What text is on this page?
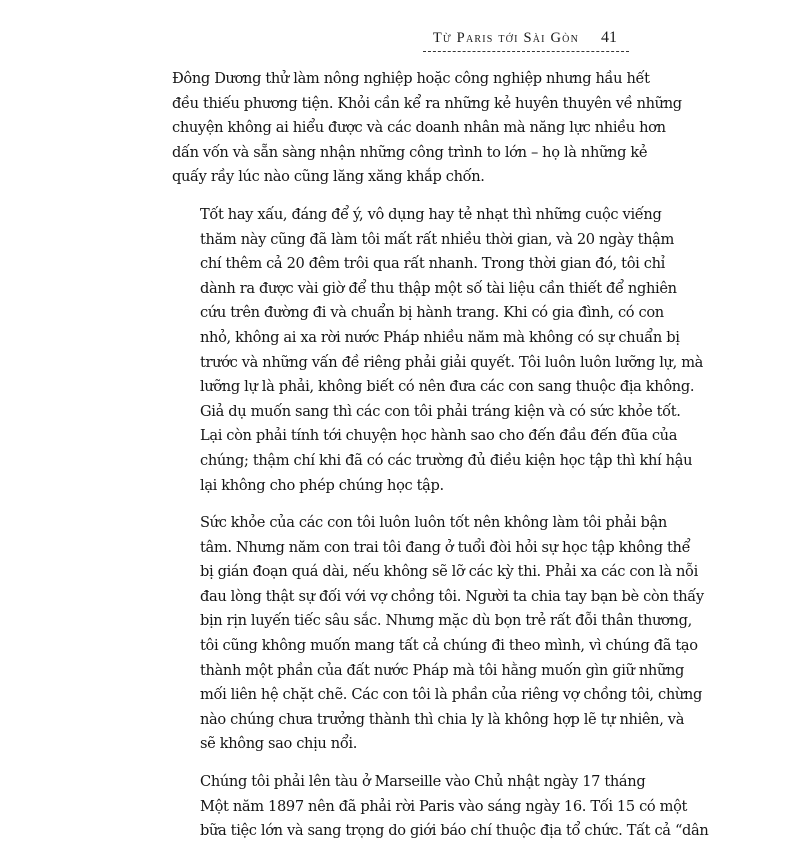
Từ Paris tới Sài Gòn 41

Đông Dương thử làm nông nghiệp hoặc công nghiệp nhưng hầu hết
đều thiếu phương tiện. Khỏi cần kể ra những kẻ huyên thuyên về những
chuyện không ai hiểu được và các doanh nhân mà năng lực nhiều hơn
dấn vốn và sẵn sàng nhận những công trình to lớn – họ là những kẻ
quấy rầy lúc nào cũng lăng xăng khắp chốn.

Tốt hay xấu, đáng để ý, vô dụng hay tẻ nhạt thì những cuộc viếng
thăm này cũng đã làm tôi mất rất nhiều thời gian, và 20 ngày thậm
chí thêm cả 20 đêm trôi qua rất nhanh. Trong thời gian đó, tôi chỉ
dành ra được vài giờ để thu thập một số tài liệu cần thiết để nghiên
cứu trên đường đi và chuẩn bị hành trang. Khi có gia đình, có con
nhỏ, không ai xa rời nước Pháp nhiều năm mà không có sự chuẩn bị
trước và những vấn đề riêng phải giải quyết. Tôi luôn luôn lưỡng lự, mà
lưỡng lự là phải, không biết có nên đưa các con sang thuộc địa không.
Giả dụ muốn sang thì các con tôi phải tráng kiện và có sức khỏe tốt.
Lại còn phải tính tới chuyện học hành sao cho đến đầu đến đũa của
chúng; thậm chí khi đã có các trường đủ điều kiện học tập thì khí hậu
lại không cho phép chúng học tập.

Sức khỏe của các con tôi luôn luôn tốt nên không làm tôi phải bận
tâm. Nhưng năm con trai tôi đang ở tuổi đòi hỏi sự học tập không thể
bị gián đoạn quá dài, nếu không sẽ lỡ các kỳ thi. Phải xa các con là nỗi
đau lòng thật sự đối với vợ chồng tôi. Người ta chia tay bạn bè còn thấy
bịn rịn luyến tiếc sâu sắc. Nhưng mặc dù bọn trẻ rất đỗi thân thương,
tôi cũng không muốn mang tất cả chúng đi theo mình, vì chúng đã tạo
thành một phần của đất nước Pháp mà tôi hằng muốn gìn giữ những
mối liên hệ chặt chẽ. Các con tôi là phần của riêng vợ chồng tôi, chừng
nào chúng chưa trưởng thành thì chia ly là không hợp lẽ tự nhiên, và
sẽ không sao chịu nổi.

Chúng tôi phải lên tàu ở Marseille vào Chủ nhật ngày 17 tháng
Một năm 1897 nên đã phải rời Paris vào sáng ngày 16. Tối 15 có một
bữa tiệc lớn và sang trọng do giới báo chí thuộc địa tổ chức. Tất cả “dân
